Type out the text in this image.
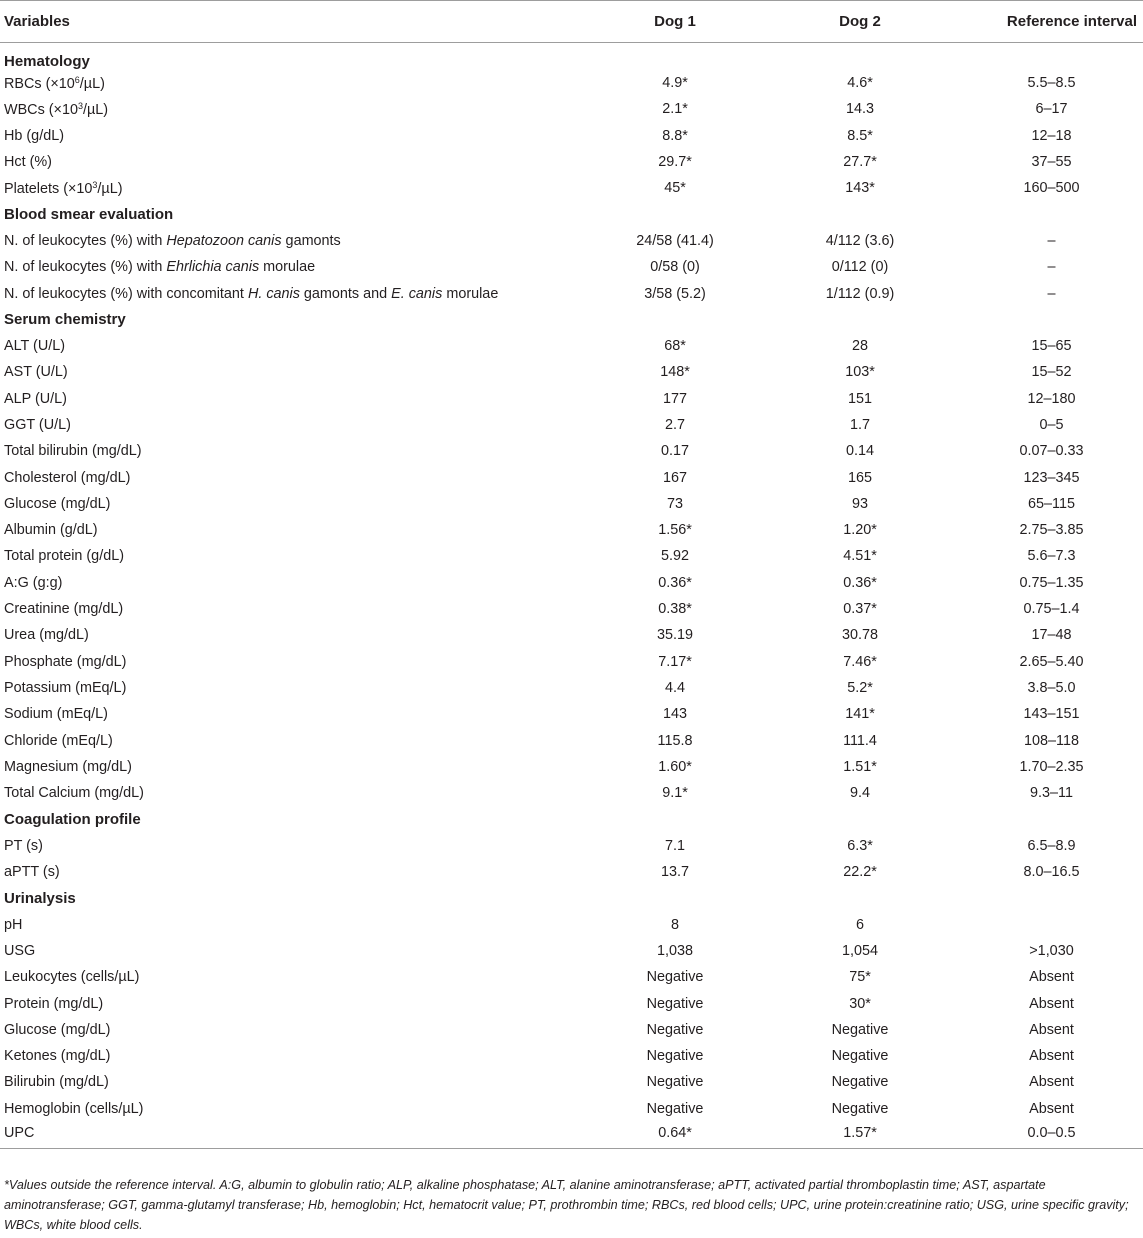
Variables	Dog 1	Dog 2	Reference interval
Hematology			
RBCs $(\times 10^6/\mu L)$	4.9*	4.6*	5.5–8.5
WBCs $(\times 10^3/\mu L)$	2.1*	14.3	6–17
Hb (g/dL)	8.8*	8.5*	12–18
Hct (%)	29.7*	27.7*	37–55
Platelets $(\times 10^3/\mu L)$	45*	143*	160–500
Blood smear evaluation			
N. of leukocytes (%) with Hepatozoon canis gamonts	24/58 (41.4)	4/112 (3.6)	–
N. of leukocytes (%) with Ehrlichia canis morulae	0/58 (0)	0/112 (0)	–
N. of leukocytes (%) with concomitant H. canis gamonts and E. canis morulae	3/58 (5.2)	1/112 (0.9)	–
Serum chemistry			
ALT (U/L)	68*	28	15–65
AST (U/L)	148*	103*	15–52
ALP (U/L)	177	151	12–180
GGT (U/L)	2.7	1.7	0–5
Total bilirubin (mg/dL)	0.17	0.14	0.07–0.33
Cholesterol (mg/dL)	167	165	123–345
Glucose (mg/dL)	73	93	65–115
Albumin (g/dL)	1.56*	1.20*	2.75–3.85
Total protein (g/dL)	5.92	4.51*	5.6–7.3
A:G (g:g)	0.36*	0.36*	0.75–1.35
Creatinine (mg/dL)	0.38*	0.37*	0.75–1.4
Urea (mg/dL)	35.19	30.78	17–48
Phosphate (mg/dL)	7.17*	7.46*	2.65–5.40
Potassium (mEq/L)	4.4	5.2*	3.8–5.0
Sodium (mEq/L)	143	141*	143–151
Chloride (mEq/L)	115.8	111.4	108–118
Magnesium (mg/dL)	1.60*	1.51*	1.70–2.35
Total Calcium (mg/dL)	9.1*	9.4	9.3–11
Coagulation profile			
PT (s)	7.1	6.3*	6.5–8.9
aPTT (s)	13.7	22.2*	8.0–16.5
Urinalysis			
pH	8	6	
USG	1,038	1,054	>1,030
Leukocytes (cells/µL)	Negative	75*	Absent
Protein (mg/dL)	Negative	30*	Absent
Glucose (mg/dL)	Negative	Negative	Absent
Ketones (mg/dL)	Negative	Negative	Absent
Bilirubin (mg/dL)	Negative	Negative	Absent
Hemoglobin (cells/µL)	Negative	Negative	Absent
UPC	0.64*	1.57*	0.0–0.5
*Values outside the reference interval. A:G, albumin to globulin ratio; ALP, alkaline phosphatase; ALT, alanine aminotransferase; aPTT, activated partial thromboplastin time; AST, aspartate aminotransferase; GGT, gamma-glutamyl transferase; Hb, hemoglobin; Hct, hematocrit value; PT, prothrombin time; RBCs, red blood cells; UPC, urine protein:creatinine ratio; USG, urine specific gravity; WBCs, white blood cells.
